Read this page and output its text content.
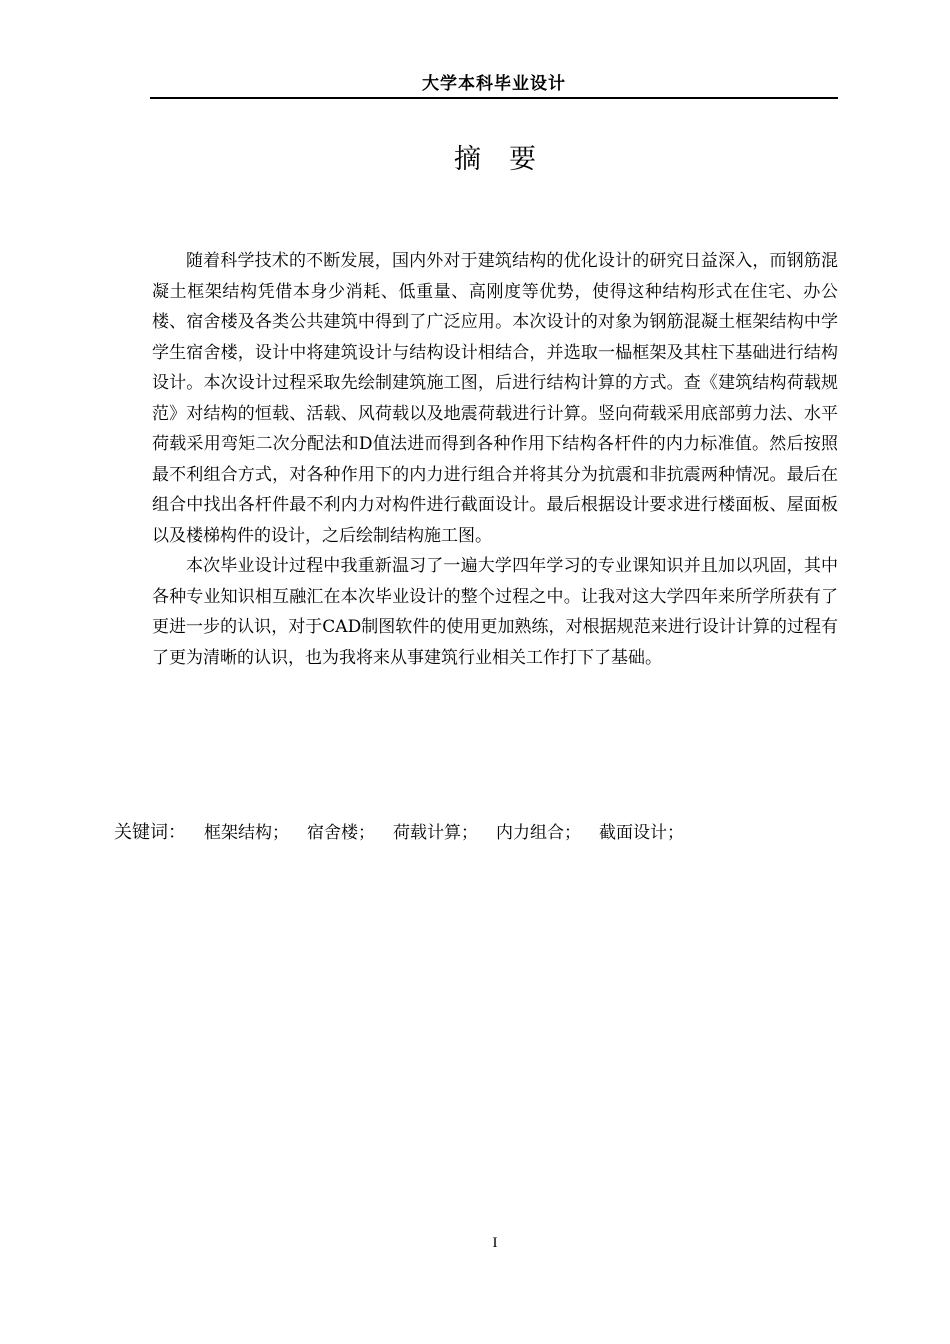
大学本科毕业设计
摘 要

随着科学技术的不断发展，国内外对于建筑结构的优化设计的研究日益深入，而钢筋混凝土框架结构凭借本身少消耗、低重量、高刚度等优势，使得这种结构形式在住宅、办公楼、宿舍楼及各类公共建筑中得到了广泛应用。本次设计的对象为钢筋混凝土框架结构中学学生宿舍楼，设计中将建筑设计与结构设计相结合，并选取一榀框架及其柱下基础进行结构设计。本次设计过程采取先绘制建筑施工图，后进行结构计算的方式。查《建筑结构荷载规范》对结构的恒载、活载、风荷载以及地震荷载进行计算。竖向荷载采用底部剪力法、水平荷载采用弯矩二次分配法和D值法进而得到各种作用下结构各杆件的内力标准值。然后按照最不利组合方式，对各种作用下的内力进行组合并将其分为抗震和非抗震两种情况。最后在组合中找出各杆件最不利内力对构件进行截面设计。最后根据设计要求进行楼面板、屋面板以及楼梯构件的设计，之后绘制结构施工图。

本次毕业设计过程中我重新温习了一遍大学四年学习的专业课知识并且加以巩固，其中各种专业知识相互融汇在本次毕业设计的整个过程之中。让我对这大学四年来所学所获有了更进一步的认识，对于CAD制图软件的使用更加熟练，对根据规范来进行设计计算的过程有了更为清晰的认识，也为我将来从事建筑行业相关工作打下了基础。

关键词： 框架结构； 宿舍楼； 荷载计算； 内力组合； 截面设计；
I
